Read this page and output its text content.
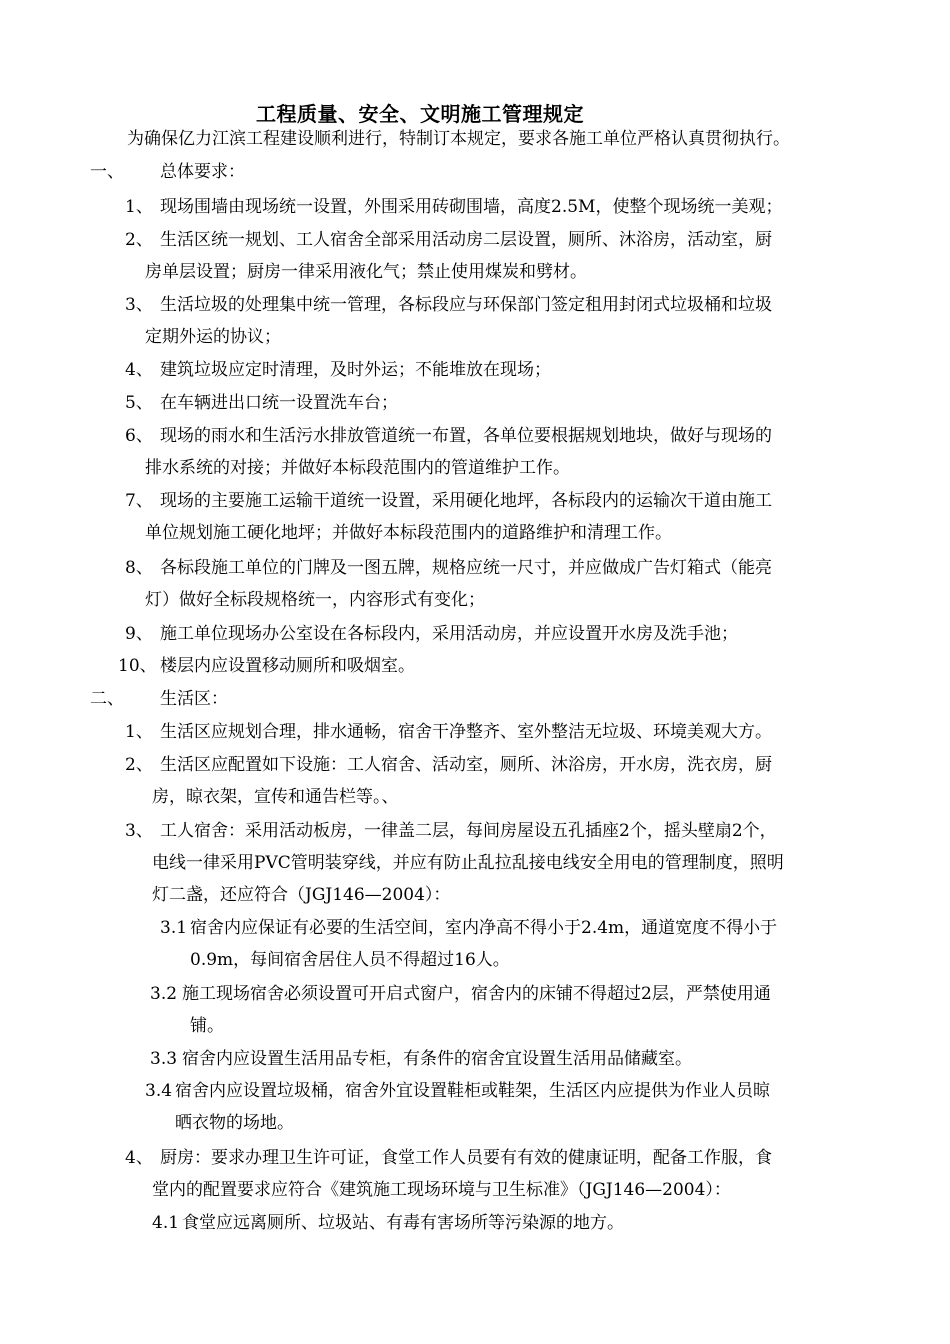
工程质量、安全、文明施工管理规定
为确保亿力江滨工程建设顺利进行，特制订本规定，要求各施工单位严格认真贯彻执行。
一、 总体要求：
1、 现场围墙由现场统一设置，外围采用砖砌围墙，高度2.5M，使整个现场统一美观；
2、 生活区统一规划、工人宿舍全部采用活动房二层设置，厕所、沐浴房，活动室，厨
房单层设置；厨房一律采用液化气；禁止使用煤炭和劈材。
3、 生活垃圾的处理集中统一管理，各标段应与环保部门签定租用封闭式垃圾桶和垃圾
定期外运的协议；
4、 建筑垃圾应定时清理，及时外运；不能堆放在现场；
5、 在车辆进出口统一设置洗车台；
6、 现场的雨水和生活污水排放管道统一布置，各单位要根据规划地块，做好与现场的
排水系统的对接；并做好本标段范围内的管道维护工作。
7、 现场的主要施工运输干道统一设置，采用硬化地坪，各标段内的运输次干道由施工
单位规划施工硬化地坪；并做好本标段范围内的道路维护和清理工作。
8、 各标段施工单位的门牌及一图五牌，规格应统一尺寸，并应做成广告灯箱式（能亮
灯）做好全标段规格统一，内容形式有变化；
9、 施工单位现场办公室设在各标段内，采用活动房，并应设置开水房及洗手池；
10、 楼层内应设置移动厕所和吸烟室。
二、 生活区：
1、 生活区应规划合理，排水通畅，宿舍干净整齐、室外整洁无垃圾、环境美观大方。
2、 生活区应配置如下设施：工人宿舍、活动室，厕所、沐浴房，开水房，洗衣房，厨
房，晾衣架，宣传和通告栏等。、
3、 工人宿舍：采用活动板房，一律盖二层，每间房屋设五孔插座2个，摇头壁扇2个，
电线一律采用PVC管明装穿线，并应有防止乱拉乱接电线安全用电的管理制度，照明
灯二盏，还应符合（JGJ146—2004）：
3.1 宿舍内应保证有必要的生活空间，室内净高不得小于2.4m，通道宽度不得小于
0.9m，每间宿舍居住人员不得超过16人。
3.2 施工现场宿舍必须设置可开启式窗户，宿舍内的床铺不得超过2层，严禁使用通
铺。
3.3 宿舍内应设置生活用品专柜，有条件的宿舍宜设置生活用品储藏室。
3.4 宿舍内应设置垃圾桶，宿舍外宜设置鞋柜或鞋架，生活区内应提供为作业人员晾
晒衣物的场地。
4、 厨房：要求办理卫生许可证，食堂工作人员要有有效的健康证明，配备工作服，食
堂内的配置要求应符合《建筑施工现场环境与卫生标准》（JGJ146—2004）：
4.1 食堂应远离厕所、垃圾站、有毒有害场所等污染源的地方。
